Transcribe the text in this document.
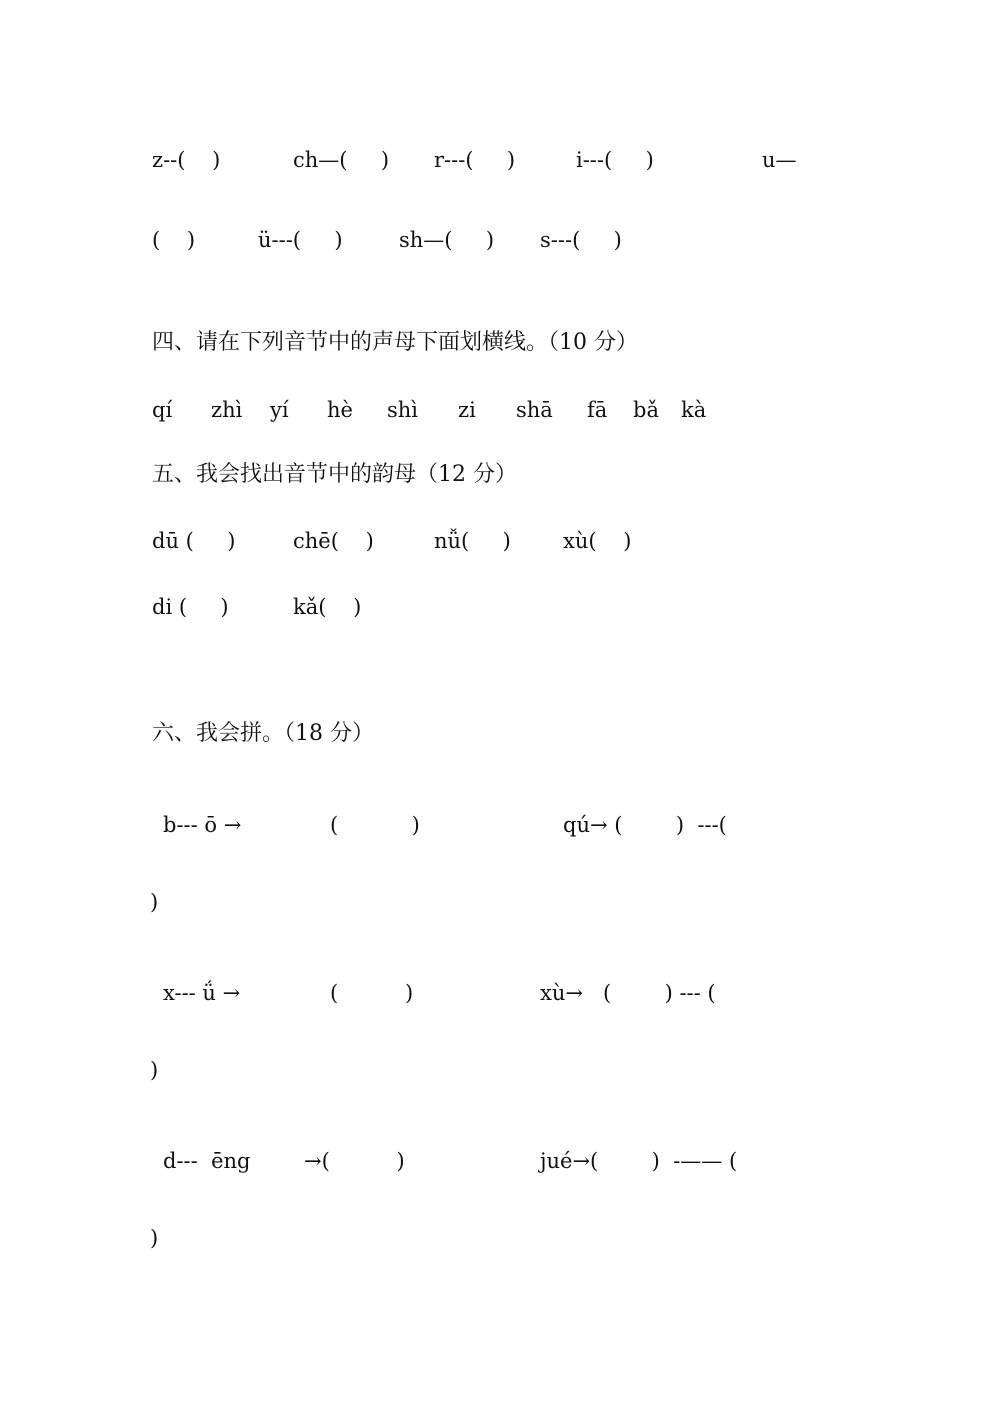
z--(    )	ch—(     ) r---(     )	i---(     )	u—
(    )	ü---(     )	sh—(     ) s---(     )
四、请在下列音节中的声母下面划横线。（10 分）
qí zhì yí hè shì zi shā fā bǎ kà
五、我会找出音节中的韵母（12 分）
dū (     )	chē(    )	nǚ(     ) xù(    )
di (     )	kǎ(    )
六、我会拼。（18 分）
b--- ō →	(           )	qú→ (        )  ---(
)
x--- ǘ →	(          )	xù→   (        ) --- (
)
d---  ēng	→(          )	jué→(        )  -—— (
)
